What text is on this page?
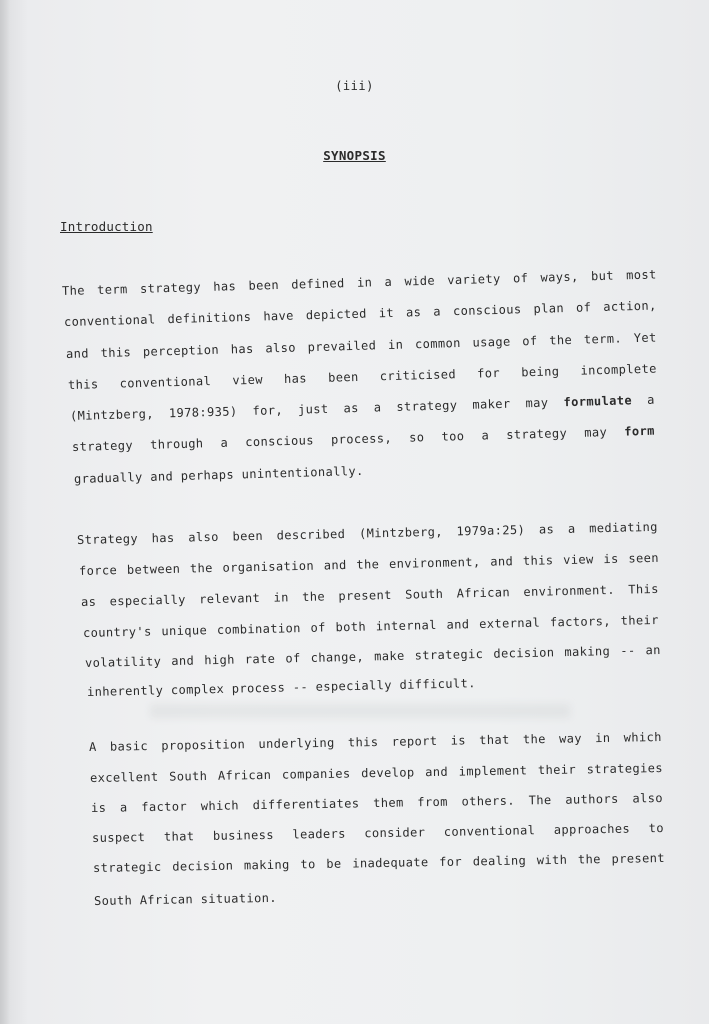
(iii)
SYNOPSIS
Introduction
The term strategy has been defined in a wide variety of ways, but most
conventional definitions have depicted it as a conscious plan of action,
and this perception has also prevailed in common usage of the term. Yet
this conventional view has been criticised for being incomplete
(Mintzberg, 1978:935) for, just as a strategy maker may formulate a
strategy through a conscious process, so too a strategy may form
gradually
and
perhaps
unintentionally.

Strategy has also been described (Mintzberg, 1979a:25) as a mediating
force between the organisation and the environment, and this view is seen
as especially relevant in the present South African environment. This
country's unique combination of both internal and external factors, their
volatility and high rate of change, make strategic decision making -- an
inherently
complex
process
--
especially
difficult.

A basic proposition underlying this report is that the way in which
excellent South African companies develop and implement their strategies
is a factor which differentiates them from others. The authors also
suspect that business leaders consider conventional approaches to
strategic decision making to be inadequate for dealing with the present
South
African
situation.
